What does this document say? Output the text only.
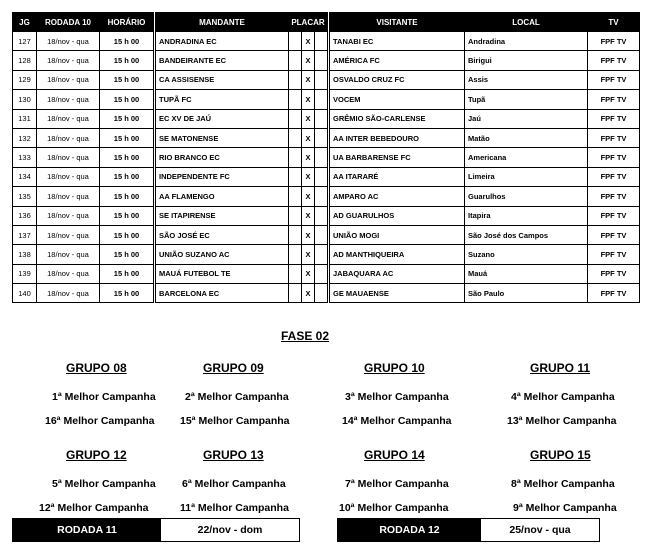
JG	RODADA 10	HORÁRIO		MANDANTE	PLACAR				VISITANTE	LOCAL	TV
127	18/nov - qua	15 h 00		ANDRADINA EC		X			TANABI EC	Andradina	FPF TV
128	18/nov - qua	15 h 00		BANDEIRANTE EC		X			AMÉRICA FC	Birigui	FPF TV
129	18/nov - qua	15 h 00		CA ASSISENSE		X			OSVALDO CRUZ FC	Assis	FPF TV
130	18/nov - qua	15 h 00		TUPÃ FC		X			VOCEM	Tupã	FPF TV
131	18/nov - qua	15 h 00		EC XV DE JAÚ		X			GRÊMIO SÃO-CARLENSE	Jaú	FPF TV
132	18/nov - qua	15 h 00		SE MATONENSE		X			AA INTER BEBEDOURO	Matão	FPF TV
133	18/nov - qua	15 h 00		RIO BRANCO EC		X			UA BARBARENSE FC	Americana	FPF TV
134	18/nov - qua	15 h 00		INDEPENDENTE FC		X			AA ITARARÉ	Limeira	FPF TV
135	18/nov - qua	15 h 00		AA FLAMENGO		X			AMPARO AC	Guarulhos	FPF TV
136	18/nov - qua	15 h 00		SE ITAPIRENSE		X			AD GUARULHOS	Itapira	FPF TV
137	18/nov - qua	15 h 00		SÃO JOSÉ EC		X			UNIÃO MOGI	São José dos Campos	FPF TV
138	18/nov - qua	15 h 00		UNIÃO SUZANO AC		X			AD MANTHIQUEIRA	Suzano	FPF TV
139	18/nov - qua	15 h 00		MAUÁ FUTEBOL TE		X			JABAQUARA AC	Mauá	FPF TV
140	18/nov - qua	15 h 00		BARCELONA EC		X			GE MAUAENSE	São Paulo	FPF TV
FASE 02
GRUPO 08
1ª Melhor Campanha
16ª Melhor Campanha
GRUPO 09
2ª Melhor Campanha
15ª Melhor Campanha
GRUPO 10
3ª Melhor Campanha
14ª Melhor Campanha
GRUPO 11
4ª Melhor Campanha
13ª Melhor Campanha
GRUPO 12
5ª Melhor Campanha
12ª Melhor Campanha
GRUPO 13
6ª Melhor Campanha
11ª Melhor Campanha
GRUPO 14
7ª Melhor Campanha
10ª Melhor Campanha
GRUPO 15
8ª Melhor Campanha
9ª Melhor Campanha
RODADA 11	22/nov - dom	RODADA 12	25/nov - qua
